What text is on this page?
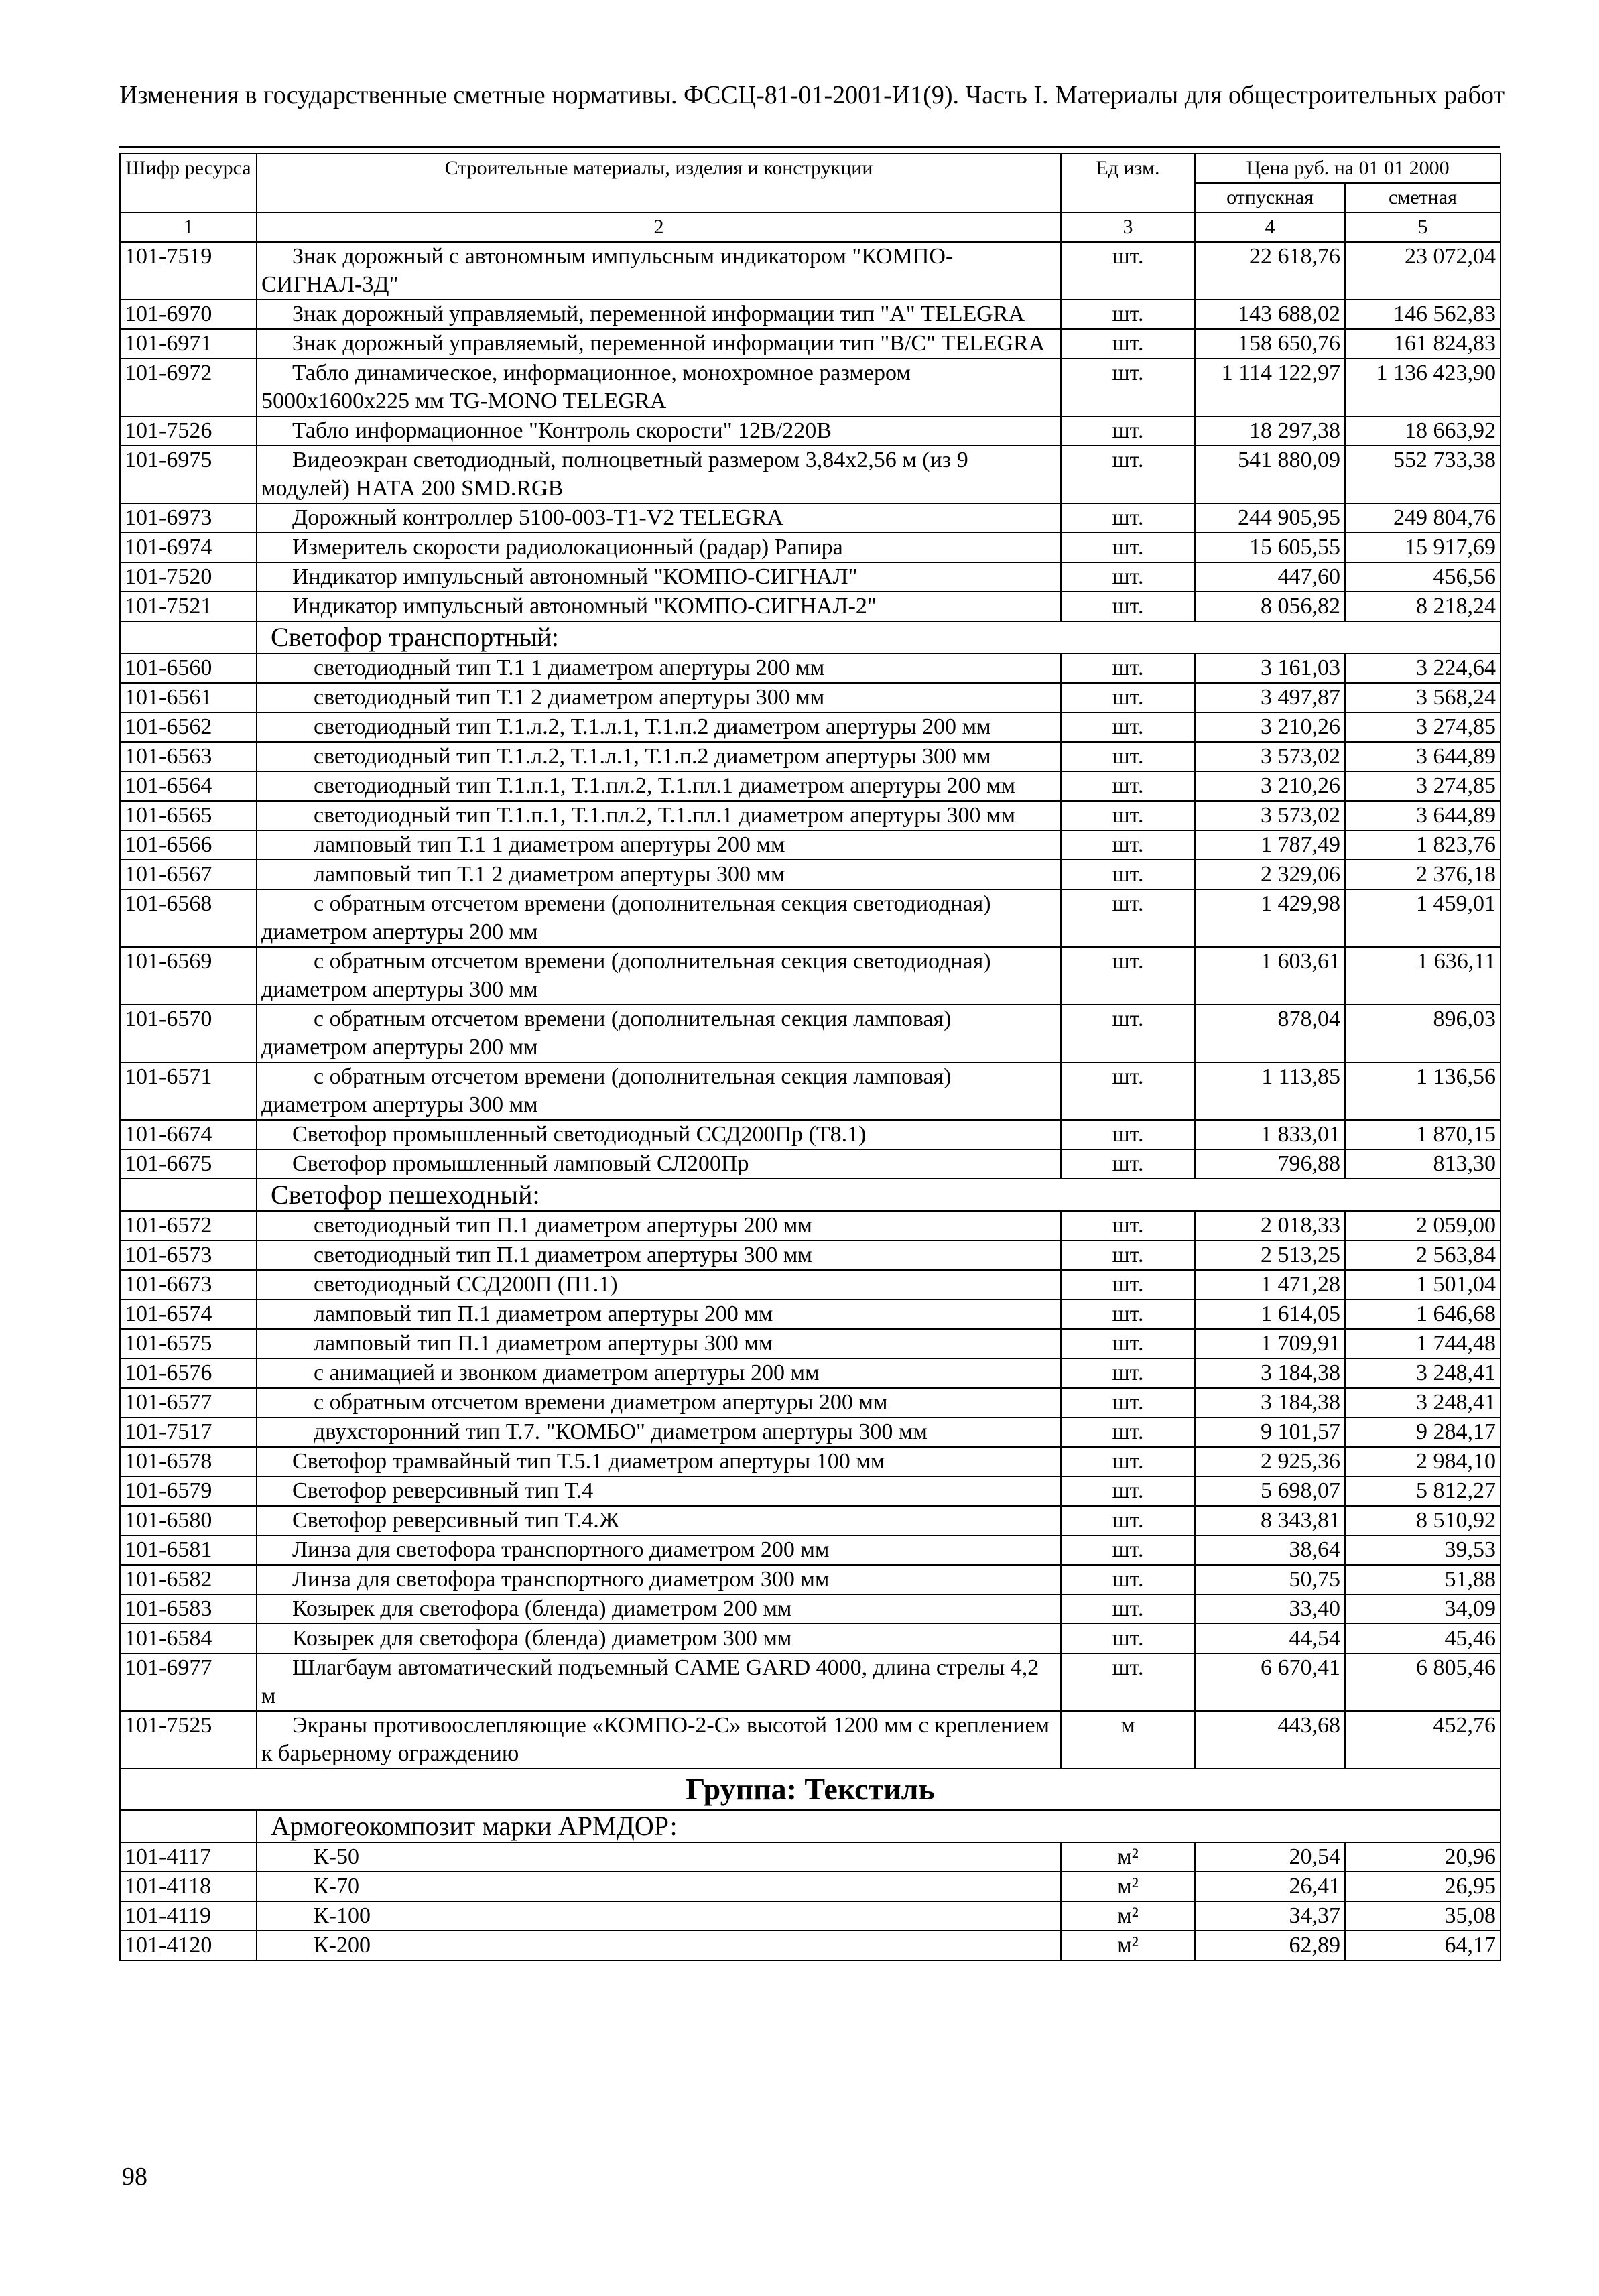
Изменения в государственные сметные нормативы. ФССЦ-81-01-2001-И1(9). Часть I. Материалы для общестроительных работ
Шифр ресурса	Строительные материалы, изделия и конструкции	Ед изм.	Цена руб. на 01 01 2000	
			отпускная	сметная
1	2	3	4	5
101-7519	Знак дорожный с автономным импульсным индикатором "КОМПО-СИГНАЛ-3Д"	шт.	22 618,76	23 072,04
101-6970	Знак дорожный управляемый, переменной информации тип "А" TELEGRA	шт.	143 688,02	146 562,83
101-6971	Знак дорожный управляемый, переменной информации тип "В/С" TELEGRA	шт.	158 650,76	161 824,83
101-6972	Табло динамическое, информационное, монохромное размером 5000х1600х225 мм TG-MONO TELEGRA	шт.	1 114 122,97	1 136 423,90
101-7526	Табло информационное "Контроль скорости" 12В/220В	шт.	18 297,38	18 663,92
101-6975	Видеоэкран светодиодный, полноцветный размером 3,84х2,56 м (из 9 модулей) НАТА 200 SMD.RGB	шт.	541 880,09	552 733,38
101-6973	Дорожный контроллер 5100-003-Т1-V2 TELEGRA	шт.	244 905,95	249 804,76
101-6974	Измеритель скорости радиолокационный (радар) Рапира	шт.	15 605,55	15 917,69
101-7520	Индикатор импульсный автономный "КОМПО-СИГНАЛ"	шт.	447,60	456,56
101-7521	Индикатор импульсный автономный "КОМПО-СИГНАЛ-2"	шт.	8 056,82	8 218,24
	Светофор транспортный:			
101-6560	светодиодный тип Т.1 1 диаметром апертуры 200 мм	шт.	3 161,03	3 224,64
101-6561	светодиодный тип Т.1 2 диаметром апертуры 300 мм	шт.	3 497,87	3 568,24
101-6562	светодиодный тип Т.1.л.2, Т.1.л.1, Т.1.п.2 диаметром апертуры 200 мм	шт.	3 210,26	3 274,85
101-6563	светодиодный тип Т.1.л.2, Т.1.л.1, Т.1.п.2 диаметром апертуры 300 мм	шт.	3 573,02	3 644,89
101-6564	светодиодный тип Т.1.п.1, Т.1.пл.2, Т.1.пл.1 диаметром апертуры 200 мм	шт.	3 210,26	3 274,85
101-6565	светодиодный тип Т.1.п.1, Т.1.пл.2, Т.1.пл.1 диаметром апертуры 300 мм	шт.	3 573,02	3 644,89
101-6566	ламповый тип Т.1 1 диаметром апертуры 200 мм	шт.	1 787,49	1 823,76
101-6567	ламповый тип Т.1 2 диаметром апертуры 300 мм	шт.	2 329,06	2 376,18
101-6568	с обратным отсчетом времени (дополнительная секция светодиодная) диаметром апертуры 200 мм	шт.	1 429,98	1 459,01
101-6569	с обратным отсчетом времени (дополнительная секция светодиодная) диаметром апертуры 300 мм	шт.	1 603,61	1 636,11
101-6570	с обратным отсчетом времени (дополнительная секция ламповая) диаметром апертуры 200 мм	шт.	878,04	896,03
101-6571	с обратным отсчетом времени (дополнительная секция ламповая) диаметром апертуры 300 мм	шт.	1 113,85	1 136,56
101-6674	Светофор промышленный светодиодный ССД200Пр (Т8.1)	шт.	1 833,01	1 870,15
101-6675	Светофор промышленный ламповый СЛ200Пр	шт.	796,88	813,30
	Светофор пешеходный:			
101-6572	светодиодный тип П.1 диаметром апертуры 200 мм	шт.	2 018,33	2 059,00
101-6573	светодиодный тип П.1 диаметром апертуры 300 мм	шт.	2 513,25	2 563,84
101-6673	светодиодный ССД200П (П1.1)	шт.	1 471,28	1 501,04
101-6574	ламповый тип П.1 диаметром апертуры 200 мм	шт.	1 614,05	1 646,68
101-6575	ламповый тип П.1 диаметром апертуры 300 мм	шт.	1 709,91	1 744,48
101-6576	с анимацией и звонком диаметром апертуры 200 мм	шт.	3 184,38	3 248,41
101-6577	с обратным отсчетом времени диаметром апертуры 200 мм	шт.	3 184,38	3 248,41
101-7517	двухсторонний тип Т.7. "КОМБО" диаметром апертуры 300 мм	шт.	9 101,57	9 284,17
101-6578	Светофор трамвайный тип Т.5.1 диаметром апертуры 100 мм	шт.	2 925,36	2 984,10
101-6579	Светофор реверсивный тип Т.4	шт.	5 698,07	5 812,27
101-6580	Светофор реверсивный тип Т.4.Ж	шт.	8 343,81	8 510,92
101-6581	Линза для светофора транспортного диаметром 200 мм	шт.	38,64	39,53
101-6582	Линза для светофора транспортного диаметром 300 мм	шт.	50,75	51,88
101-6583	Козырек для светофора (бленда) диаметром 200 мм	шт.	33,40	34,09
101-6584	Козырек для светофора (бленда) диаметром 300 мм	шт.	44,54	45,46
101-6977	Шлагбаум автоматический подъемный CAME GARD 4000, длина стрелы 4,2 м	шт.	6 670,41	6 805,46
101-7525	Экраны противоослепляющие «КОМПО-2-С» высотой 1200 мм с креплением к барьерному ограждению	м	443,68	452,76
Группа: Текстиль				
	Армогеокомпозит марки АРМДОР:			
101-4117	К-50	м²	20,54	20,96
101-4118	К-70	м²	26,41	26,95
101-4119	К-100	м²	34,37	35,08
101-4120	К-200	м²	62,89	64,17
98
